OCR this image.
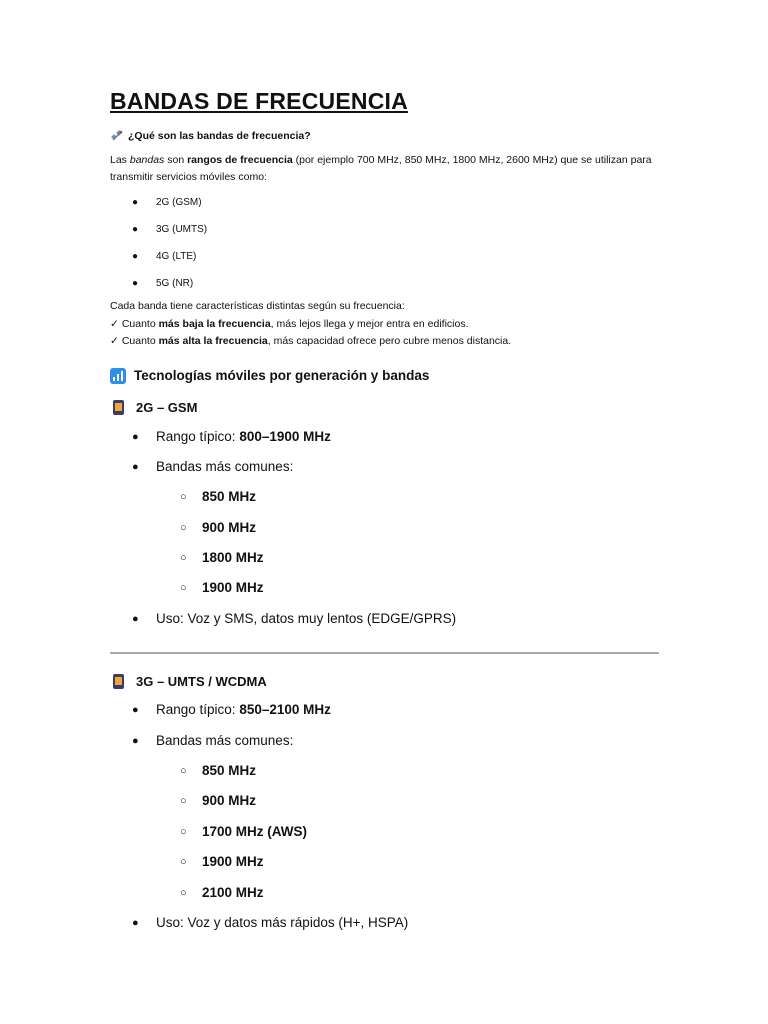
BANDAS DE FRECUENCIA
¿Qué son las bandas de frecuencia?
Las bandas son rangos de frecuencia (por ejemplo 700 MHz, 850 MHz, 1800 MHz, 2600 MHz) que se utilizan para transmitir servicios móviles como:
●	2G (GSM)
●	3G (UMTS)
●	4G (LTE)
●	5G (NR)
Cada banda tiene características distintas según su frecuencia:
✓ Cuanto más baja la frecuencia, más lejos llega y mejor entra en edificios.
✓ Cuanto más alta la frecuencia, más capacidad ofrece pero cubre menos distancia.
Tecnologías móviles por generación y bandas
2G – GSM
●	Rango típico:
800–1900 MHz
●	Bandas más comunes:
○	850 MHz
○	900 MHz
○	1800 MHz
○	1900 MHz
●	Uso: Voz y SMS, datos muy lentos (EDGE/GPRS)
3G – UMTS / WCDMA
●	Rango típico:
850–2100 MHz
●	Bandas más comunes:
○	850 MHz
○	900 MHz
○	1700 MHz (AWS)
○	1900 MHz
○	2100 MHz
●	Uso: Voz y datos más rápidos (H+, HSPA)
